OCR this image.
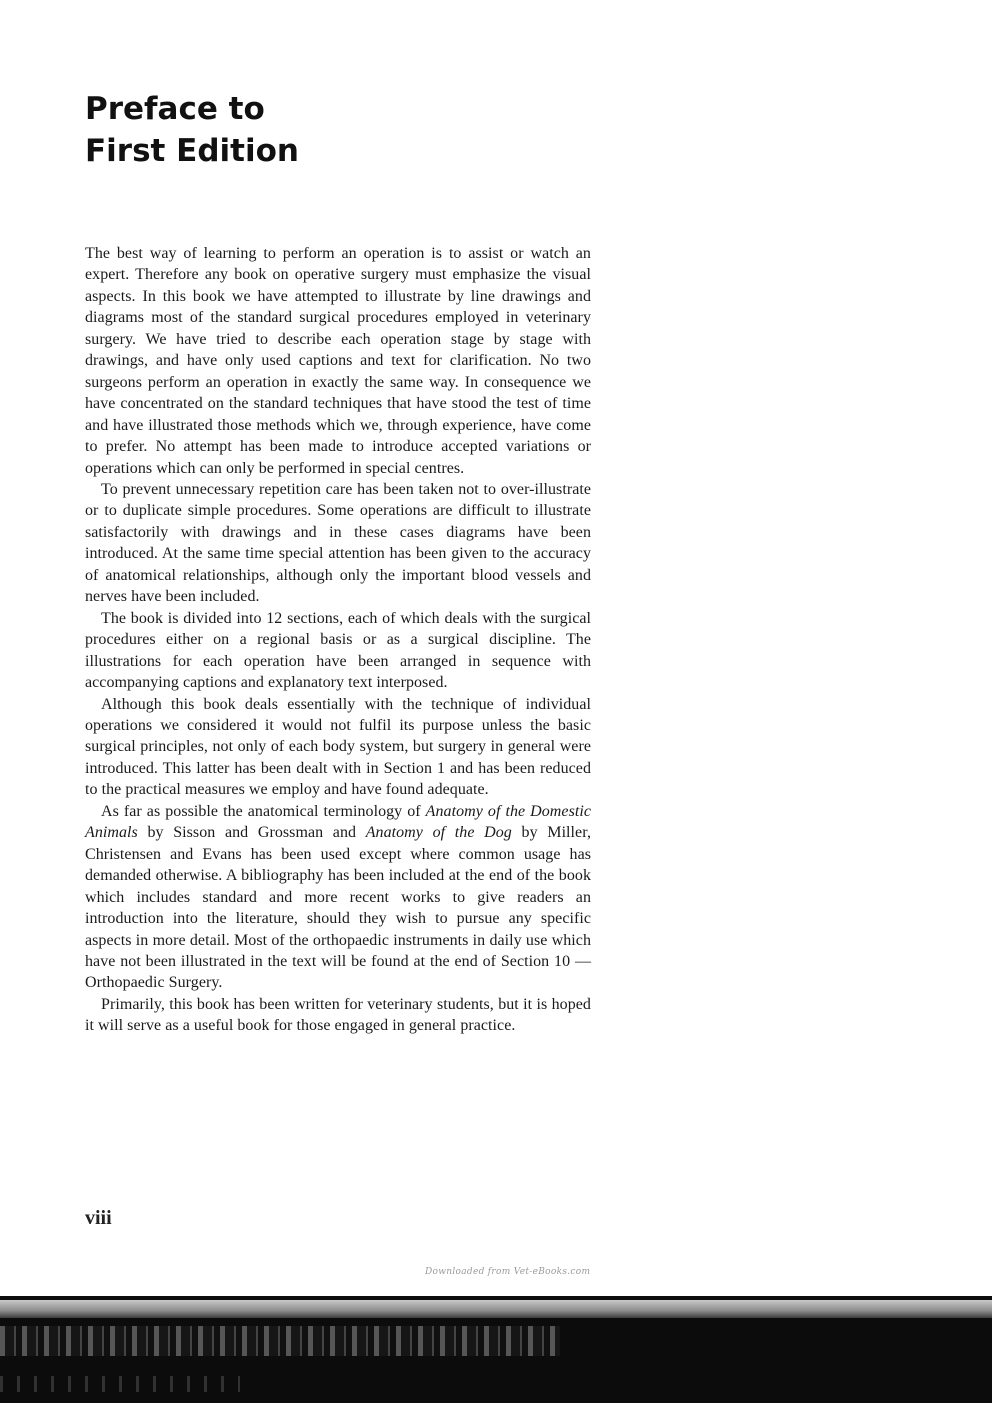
Preface to
First Edition

The best way of learning to perform an operation is to assist or watch an expert. Therefore any book on operative surgery must emphasize the visual aspects. In this book we have attempted to illustrate by line drawings and diagrams most of the standard surgical procedures employed in veterinary surgery. We have tried to describe each operation stage by stage with drawings, and have only used captions and text for clarification. No two surgeons perform an operation in exactly the same way. In consequence we have concentrated on the standard techniques that have stood the test of time and have illustrated those methods which we, through experience, have come to prefer. No attempt has been made to introduce accepted variations or operations which can only be performed in special centres.

To prevent unnecessary repetition care has been taken not to over-illustrate or to duplicate simple procedures. Some operations are difficult to illustrate satisfactorily with drawings and in these cases diagrams have been introduced. At the same time special attention has been given to the accuracy of anatomical relationships, although only the important blood vessels and nerves have been included.

The book is divided into 12 sections, each of which deals with the surgical procedures either on a regional basis or as a surgical discipline. The illustrations for each operation have been arranged in sequence with accompanying captions and explanatory text interposed.

Although this book deals essentially with the technique of individual operations we considered it would not fulfil its purpose unless the basic surgical principles, not only of each body system, but surgery in general were introduced. This latter has been dealt with in Section 1 and has been reduced to the practical measures we employ and have found adequate.

As far as possible the anatomical terminology of Anatomy of the Domestic Animals by Sisson and Grossman and Anatomy of the Dog by Miller, Christensen and Evans has been used except where common usage has demanded otherwise. A bibliography has been included at the end of the book which includes standard and more recent works to give readers an introduction into the literature, should they wish to pursue any specific aspects in more detail. Most of the orthopaedic instruments in daily use which have not been illustrated in the text will be found at the end of Section 10 — Orthopaedic Surgery.

Primarily, this book has been written for veterinary students, but it is hoped it will serve as a useful book for those engaged in general practice.

viii
Downloaded from Vet-eBooks.com
